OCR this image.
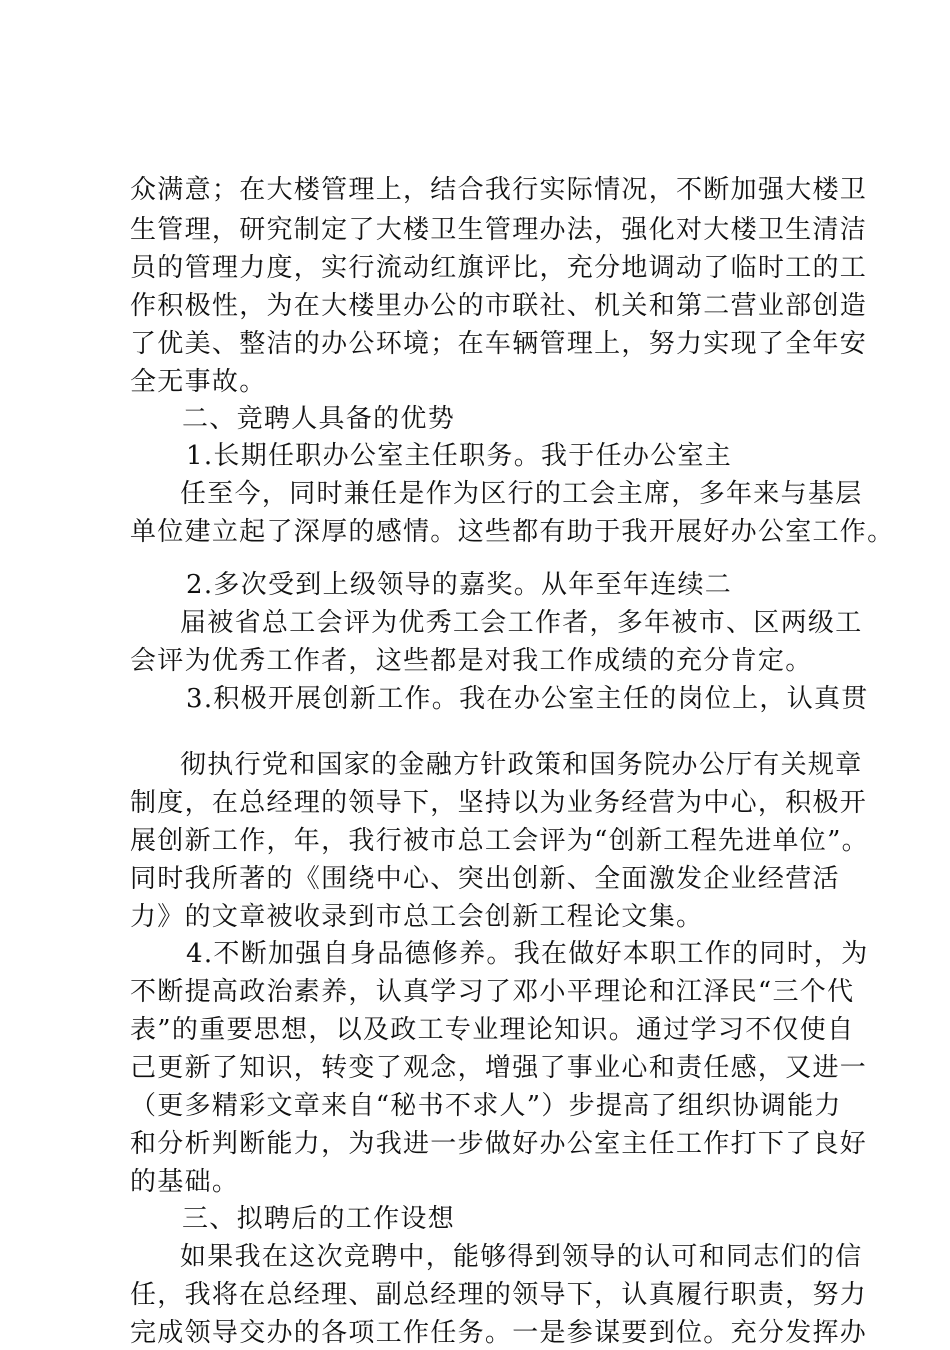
众满意；在大楼管理上，结合我行实际情况，不断加强大楼卫
生管理，研究制定了大楼卫生管理办法，强化对大楼卫生清洁
员的管理力度，实行流动红旗评比，充分地调动了临时工的工
作积极性，为在大楼里办公的市联社、机关和第二营业部创造
了优美、整洁的办公环境；在车辆管理上，努力实现了全年安
全无事故。
二、竞聘人具备的优势
1.长期任职办公室主任职务。我于任办公室主
任至今，同时兼任是作为区行的工会主席，多年来与基层
单位建立起了深厚的感情。这些都有助于我开展好办公室工作。
2.多次受到上级领导的嘉奖。从年至年连续二
届被省总工会评为优秀工会工作者，多年被市、区两级工
会评为优秀工作者，这些都是对我工作成绩的充分肯定。
3.积极开展创新工作。我在办公室主任的岗位上，认真贯
彻执行党和国家的金融方针政策和国务院办公厅有关规章
制度，在总经理的领导下，坚持以为业务经营为中心，积极开
展创新工作，年，我行被市总工会评为“创新工程先进单位”。
同时我所著的《围绕中心、突出创新、全面激发企业经营活
力》的文章被收录到市总工会创新工程论文集。
4.不断加强自身品德修养。我在做好本职工作的同时，为
不断提高政治素养，认真学习了邓小平理论和江泽民“三个代
表”的重要思想，以及政工专业理论知识。通过学习不仅使自
己更新了知识，转变了观念，增强了事业心和责任感，又进一
（更多精彩文章来自“秘书不求人”）步提高了组织协调能力
和分析判断能力，为我进一步做好办公室主任工作打下了良好
的基础。
三、拟聘后的工作设想
如果我在这次竞聘中，能够得到领导的认可和同志们的信
任，我将在总经理、副总经理的领导下，认真履行职责，努力
完成领导交办的各项工作任务。一是参谋要到位。充分发挥办
